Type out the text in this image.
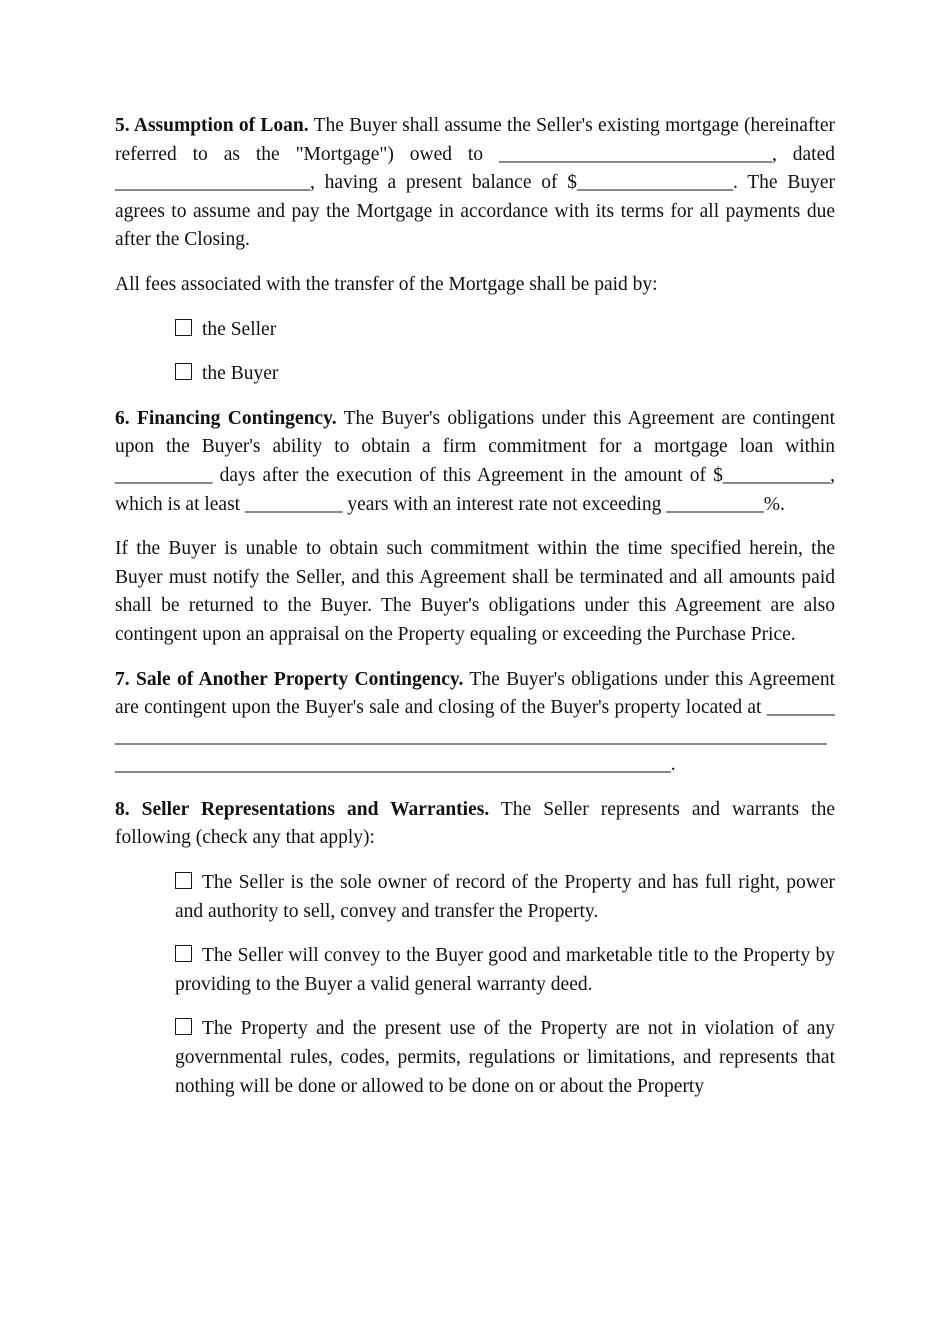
5. Assumption of Loan. The Buyer shall assume the Seller's existing mortgage (hereinafter referred to as the "Mortgage") owed to ____________________________, dated ____________________, having a present balance of $________________. The Buyer agrees to assume and pay the Mortgage in accordance with its terms for all payments due after the Closing.

All fees associated with the transfer of the Mortgage shall be paid by:

the Seller
the Buyer

6. Financing Contingency. The Buyer's obligations under this Agreement are contingent upon the Buyer's ability to obtain a firm commitment for a mortgage loan within __________ days after the execution of this Agreement in the amount of $___________, which is at least __________ years with an interest rate not exceeding __________%.

If the Buyer is unable to obtain such commitment within the time specified herein, the Buyer must notify the Seller, and this Agreement shall be terminated and all amounts paid shall be returned to the Buyer. The Buyer's obligations under this Agreement are also contingent upon an appraisal on the Property equaling or exceeding the Purchase Price.

7. Sale of Another Property Contingency. The Buyer's obligations under this Agreement are contingent upon the Buyer's sale and closing of the Buyer's property located at _________________________________________________________________________________________________________________________________________.

8. Seller Representations and Warranties. The Seller represents and warrants the following (check any that apply):

The Seller is the sole owner of record of the Property and has full right, power and authority to sell, convey and transfer the Property.
The Seller will convey to the Buyer good and marketable title to the Property by providing to the Buyer a valid general warranty deed.
The Property and the present use of the Property are not in violation of any governmental rules, codes, permits, regulations or limitations, and represents that nothing will be done or allowed to be done on or about the Property
